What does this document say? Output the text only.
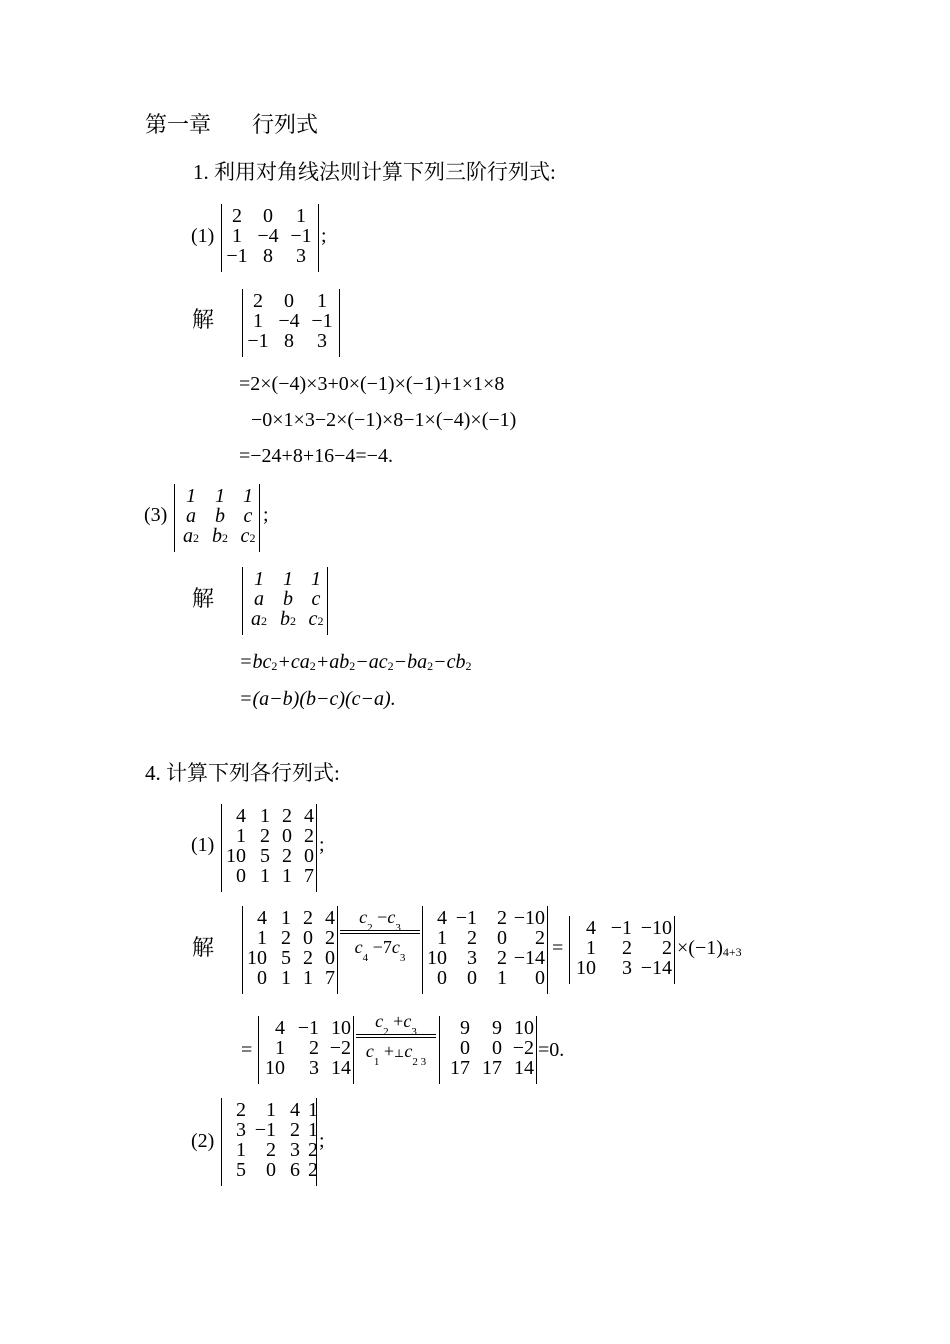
第一章 行列式
1. 利用对角线法则计算下列三阶行列式:
(1)
2	0	1
1 −4 −1
−1 8	3
;
解
2	0	1
1 −4 −1
−1 8	3
=2×(−4)×3+0×(−1)×(−1)+1×1×8
−0×1×3−2×(−1)×8−1×(−4)×(−1)
=−24+8+16−4=−4.
(3)
1 1 1
a b c
a2 b2 c2
;
解
1 1 1
a b c
a2 b2 c2
=bc2+ca2+ab2−ac2−ba2−cb2
=(a−b)(b−c)(c−a).
4. 计算下列各行列式:
(1)
4 1 2 4
1 2 0 2
10 5 2 0
0 1 1 7
;
解
4 1 2 4
1 2 0 2
10 5 2 0
0 1 1 7
$c_2 -c_3$
$c_4 -7c_3$
4 −1	2 −10
1	2	0	2
10	3	2 −14
0	0	1	0
=
4 −1 −10
1	2	2
10	3 −14
×(−1)4+3
=
4 −1 10
1	2 −2
10	3 14
$c_2 +c_3$
$c_1$ $+\perp c_{2 3}$
9	9 10
0	0 −2
17 17 14
=0.
(2)
2	1 4 1
3 −1 2 1
1	2 3 2
5	0 6 2
;
